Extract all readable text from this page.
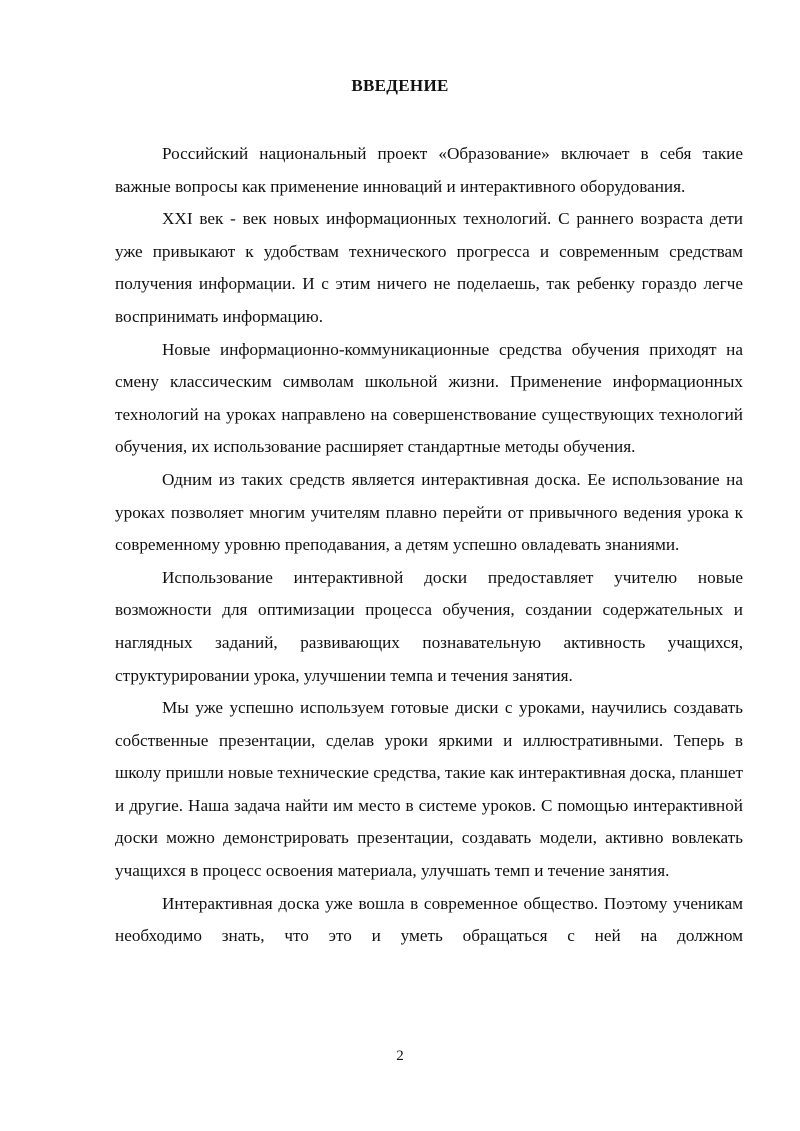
ВВЕДЕНИЕ

Российский национальный проект «Образование» включает в себя такие важные вопросы как применение инноваций и интерактивного оборудования.

XXI век - век новых информационных технологий. С раннего возраста дети уже привыкают к удобствам технического прогресса и современным средствам получения информации. И с этим ничего не поделаешь, так ребенку гораздо легче воспринимать информацию.

Новые информационно-коммуникационные средства обучения приходят на смену классическим символам школьной жизни. Применение информационных технологий на уроках направлено на совершенствование существующих технологий обучения, их использование расширяет стандартные методы обучения.

Одним из таких средств является интерактивная доска. Ее использование на уроках позволяет многим учителям плавно перейти от привычного ведения урока к современному уровню преподавания, а детям успешно овладевать знаниями.

Использование интерактивной доски предоставляет учителю новые возможности для оптимизации процесса обучения, создании содержательных и наглядных заданий, развивающих познавательную активность учащихся, структурировании урока, улучшении темпа и течения занятия.

Мы уже успешно используем готовые диски с уроками, научились создавать собственные презентации, сделав уроки яркими и иллюстративными. Теперь в школу пришли новые технические средства, такие как интерактивная доска, планшет и другие. Наша задача найти им место в системе уроков. С помощью интерактивной доски можно демонстрировать презентации, создавать модели, активно вовлекать учащихся в процесс освоения материала, улучшать темп и течение занятия.

Интерактивная доска уже вошла в современное общество. Поэтому ученикам необходимо знать, что это и уметь обращаться с ней на должном

2
